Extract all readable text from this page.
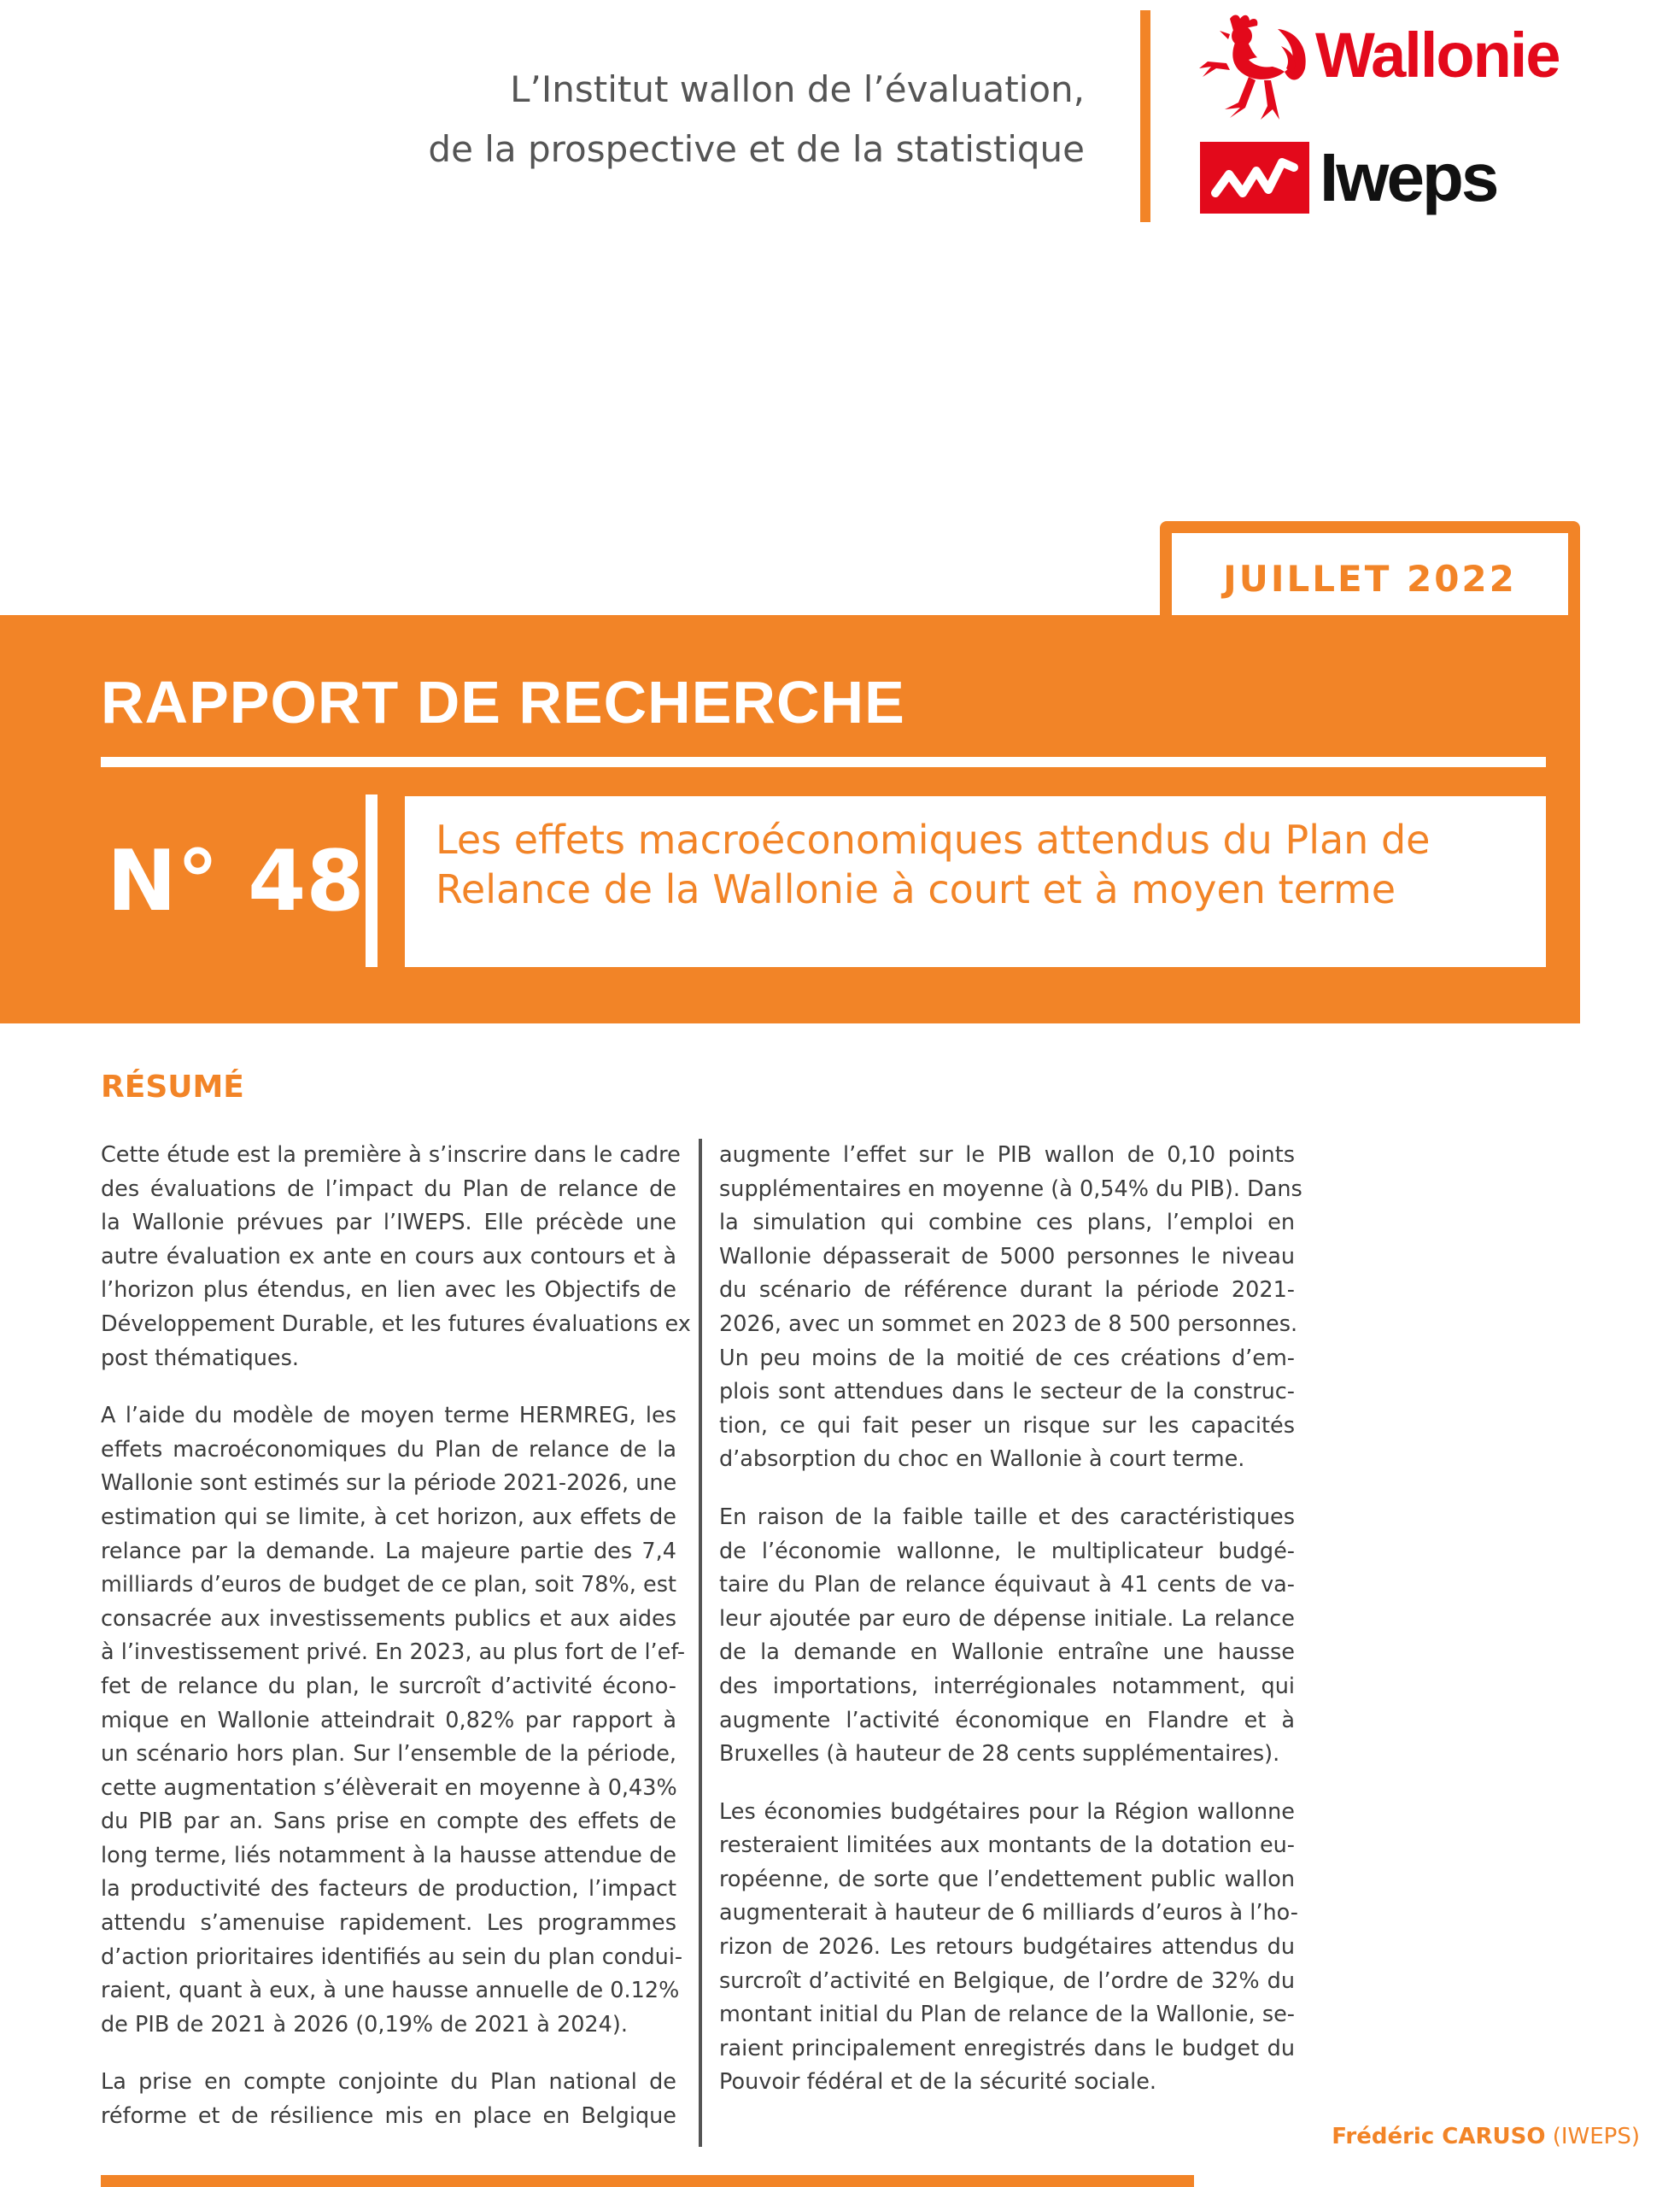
L’Institut wallon de l’évaluation,
de la prospective et de la statistique
Wallonie
Iweps
JUILLET 2022
RAPPORT DE RECHERCHE
N° 48 Les effets macroéconomiques attendus du Plan de
Relance de la Wallonie à court et à moyen terme
RÉSUMÉ

Cette étude est la première à s’inscrire dans le cadre
des évaluations de l’impact du Plan de relance de
la Wallonie prévues par l’IWEPS. Elle précède une
autre évaluation ex ante en cours aux contours et à
l’horizon plus étendus, en lien avec les Objectifs de
Développement Durable, et les futures évaluations ex
post thématiques.

A l’aide du modèle de moyen terme HERMREG, les
effets macroéconomiques du Plan de relance de la
Wallonie sont estimés sur la période 2021-2026, une
estimation qui se limite, à cet horizon, aux effets de
relance par la demande. La majeure partie des 7,4
milliards d’euros de budget de ce plan, soit 78%, est
consacrée aux investissements publics et aux aides
à l’investissement privé. En 2023, au plus fort de l’ef-
fet de relance du plan, le surcroît d’activité écono-
mique en Wallonie atteindrait 0,82% par rapport à
un scénario hors plan. Sur l’ensemble de la période,
cette augmentation s’élèverait en moyenne à 0,43%
du PIB par an. Sans prise en compte des effets de
long terme, liés notamment à la hausse attendue de
la productivité des facteurs de production, l’impact
attendu s’amenuise rapidement. Les programmes
d’action prioritaires identifiés au sein du plan condui-
raient, quant à eux, à une hausse annuelle de 0.12%
de PIB de 2021 à 2026 (0,19% de 2021 à 2024).

La prise en compte conjointe du Plan national de
réforme et de résilience mis en place en Belgique

augmente l’effet sur le PIB wallon de 0,10 points
supplémentaires en moyenne (à 0,54% du PIB). Dans
la simulation qui combine ces plans, l’emploi en
Wallonie dépasserait de 5000 personnes le niveau
du scénario de référence durant la période 2021-
2026, avec un sommet en 2023 de 8 500 personnes.
Un peu moins de la moitié de ces créations d’em-
plois sont attendues dans le secteur de la construc-
tion, ce qui fait peser un risque sur les capacités
d’absorption du choc en Wallonie à court terme.

En raison de la faible taille et des caractéristiques
de l’économie wallonne, le multiplicateur budgé-
taire du Plan de relance équivaut à 41 cents de va-
leur ajoutée par euro de dépense initiale. La relance
de la demande en Wallonie entraîne une hausse
des importations, interrégionales notamment, qui
augmente l’activité économique en Flandre et à
Bruxelles (à hauteur de 28 cents supplémentaires).

Les économies budgétaires pour la Région wallonne
resteraient limitées aux montants de la dotation eu-
ropéenne, de sorte que l’endettement public wallon
augmenterait à hauteur de 6 milliards d’euros à l’ho-
rizon de 2026. Les retours budgétaires attendus du
surcroît d’activité en Belgique, de l’ordre de 32% du
montant initial du Plan de relance de la Wallonie, se-
raient principalement enregistrés dans le budget du
Pouvoir fédéral et de la sécurité sociale.

Frédéric CARUSO (IWEPS)
